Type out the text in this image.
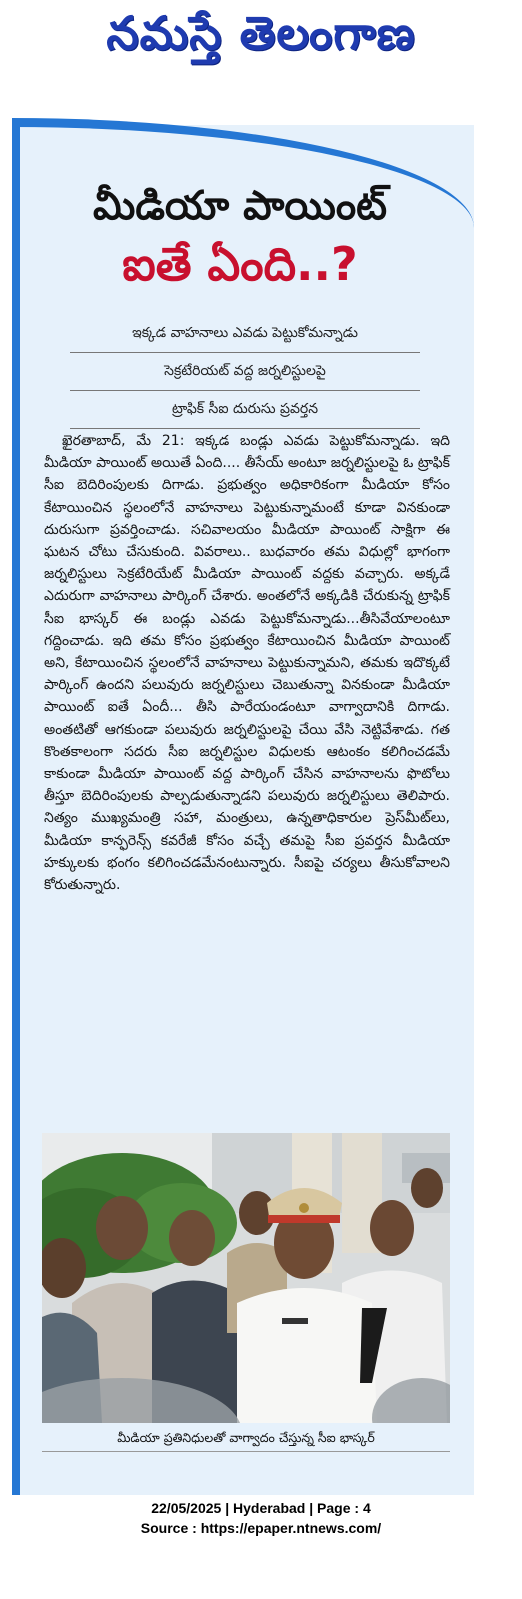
నమస్తే తెలంగాణ
మీడియా పాయింట్
ఐతే ఏంది..?
ఇక్కడ వాహనాలు ఎవడు పెట్టుకోమన్నాడు
సెక్రటేరియట్ వద్ద జర్నలిస్టులపై
ట్రాఫిక్ సీఐ దురుసు ప్రవర్తన
ఖైరతాబాద్, మే 21: ఇక్కడ బండ్లు ఎవడు పెట్టుకోమన్నాడు. ఇది మీడియా పాయింట్ అయితే ఏంది.... తీసేయ్ అంటూ జర్నలిస్టులపై ఓ ట్రాఫిక్ సీఐ బెదిరింపులకు దిగాడు. ప్రభుత్వం అధికారికంగా మీడియా కోసం కేటాయించిన స్థలంలోనే వాహనాలు పెట్టుకున్నామంటే కూడా వినకుండా దురుసుగా ప్రవర్తించాడు. సచివాలయం మీడియా పాయింట్ సాక్షిగా ఈ ఘటన చోటు చేసుకుంది. వివరాలు.. బుధవారం తమ విధుల్లో భాగంగా జర్నలిస్టులు సెక్రటేరియేట్ మీడియా పాయింట్ వద్దకు వచ్చారు. అక్కడే ఎదురుగా వాహనాలు పార్కింగ్ చేశారు. అంతలోనే అక్కడికి చేరుకున్న ట్రాఫిక్ సీఐ భాస్కర్ ఈ బండ్లు ఎవడు పెట్టుకోమన్నాడు...తీసివేయాలంటూ గద్దించాడు. ఇది తమ కోసం ప్రభుత్వం కేటాయించిన మీడియా పాయింట్ అని, కేటాయించిన స్థలంలోనే వాహనాలు పెట్టుకున్నామని, తమకు ఇదొక్కటే పార్కింగ్ ఉందని పలువురు జర్నలిస్టులు చెబుతున్నా వినకుండా మీడియా పాయింట్ ఐతే ఏందీ... తీసి పారేయండంటూ వాగ్వాదానికి దిగాడు. అంతటితో ఆగకుండా పలువురు జర్నలిస్టులపై చేయి వేసి నెట్టివేశాడు. గత కొంతకాలంగా సదరు సీఐ జర్నలిస్టుల విధులకు ఆటంకం కలిగించడమే కాకుండా మీడియా పాయింట్ వద్ద పార్కింగ్ చేసిన వాహనాలను ఫొటోలు తీస్తూ బెదిరింపులకు పాల్పడుతున్నాడని పలువురు జర్నలిస్టులు తెలిపారు. నిత్యం ముఖ్యమంత్రి సహా, మంత్రులు, ఉన్నతాధికారుల ప్రెస్‌మీట్‌లు, మీడియా కాన్ఫరెన్స్ కవరేజీ కోసం వచ్చే తమపై సీఐ ప్రవర్తన మీడియా హక్కులకు భంగం కలిగించడమేనంటున్నారు. సీఐపై చర్యలు తీసుకోవాలని కోరుతున్నారు.
మీడియా ప్రతినిధులతో వాగ్వాదం చేస్తున్న సీఐ భాస్కర్
22/05/2025 | Hyderabad | Page : 4
Source : https://epaper.ntnews.com/
